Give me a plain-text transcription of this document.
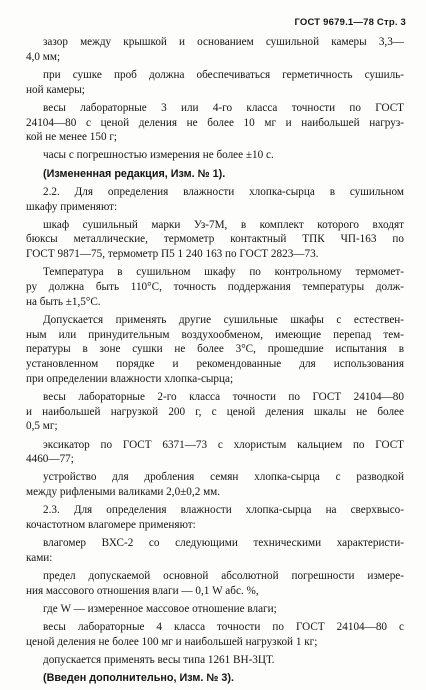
ГОСТ 9679.1—78 Стр. 3
зазор между крышкой и основанием сушильной камеры 3,3—
4,0 мм;
при сушке проб должна обеспечиваться герметичность сушиль-
ной камеры;
весы лабораторные 3 или 4-го класса точности по ГОСТ
24104—80 с ценой деления не более 10 мг и наибольшей нагруз-
кой не менее 150 г;
часы с погрешностью измерения не более ±10 с.
(Измененная редакция, Изм. № 1).
2.2. Для определения влажности хлопка-сырца в сушильном
шкафу применяют:
шкаф сушильный марки Уз-7М, в комплект которого входят
бюксы металлические, термометр контактный ТПК ЧП-163 по
ГОСТ 9871—75, термометр П5 1 240 163 по ГОСТ 2823—73.
Температура в сушильном шкафу по контрольному термомет-
ру должна быть 110°С, точность поддержания температуры долж-
на быть ±1,5°С.
Допускается применять другие сушильные шкафы с естествен-
ным или принудительным воздухообменом, имеющие перепад тем-
пературы в зоне сушки не более 3°С, прошедшие испытания в
установленном порядке и рекомендованные для использования
при определении влажности хлопка-сырца;
весы лабораторные 2-го класса точности по ГОСТ 24104—80
и наибольшей нагрузкой 200 г, с ценой деления шкалы не более
0,5 мг;
эксикатор по ГОСТ 6371—73 с хлористым кальцием по ГОСТ
4460—77;
устройство для дробления семян хлопка-сырца с разводкой
между рифлеными валиками 2,0±0,2 мм.
2.3. Для определения влажности хлопка-сырца на сверхвысо-
кочастотном влагомере применяют:
влагомер ВХС-2 со следующими техническими характеристи-
ками:
предел допускаемой основной абсолютной погрешности измере-
ния массового отношения влаги — 0,1 W абс. %,
где W — измеренное массовое отношение влаги;
весы лабораторные 4 класса точности по ГОСТ 24104—80 с
ценой деления не более 100 мг и наибольшей нагрузкой 1 кг;
допускается применять весы типа 1261 ВН-3ЦТ.
(Введен дополнительно, Изм. № 3).
